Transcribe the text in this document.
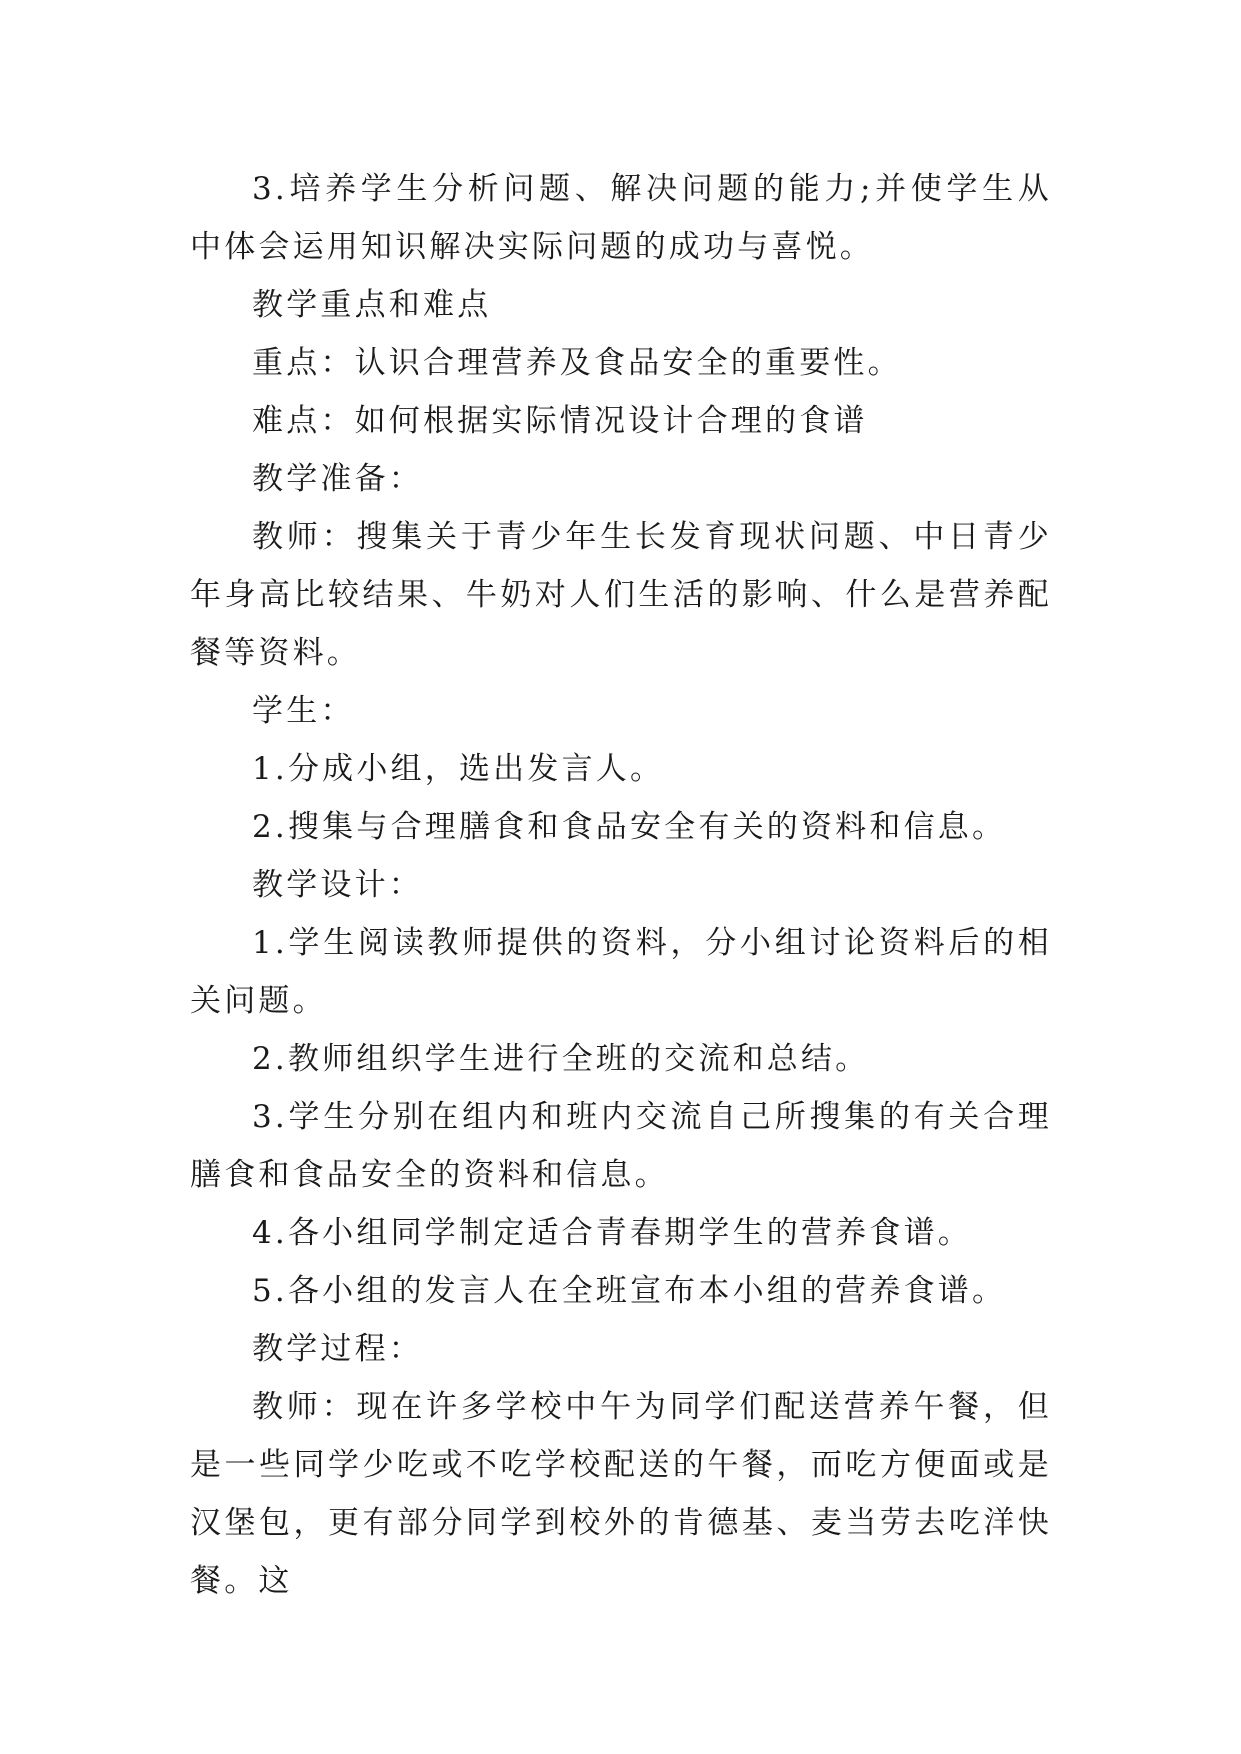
3.培养学生分析问题、解决问题的能力;并使学生从中体会运用知识解决实际问题的成功与喜悦。

教学重点和难点

重点：认识合理营养及食品安全的重要性。

难点：如何根据实际情况设计合理的食谱

教学准备：

教师：搜集关于青少年生长发育现状问题、中日青少年身高比较结果、牛奶对人们生活的影响、什么是营养配餐等资料。

学生：

1.分成小组，选出发言人。

2.搜集与合理膳食和食品安全有关的资料和信息。

教学设计：

1.学生阅读教师提供的资料，分小组讨论资料后的相关问题。

2.教师组织学生进行全班的交流和总结。

3.学生分别在组内和班内交流自己所搜集的有关合理膳食和食品安全的资料和信息。

4.各小组同学制定适合青春期学生的营养食谱。

5.各小组的发言人在全班宣布本小组的营养食谱。

教学过程：

教师：现在许多学校中午为同学们配送营养午餐，但是一些同学少吃或不吃学校配送的午餐，而吃方便面或是汉堡包，更有部分同学到校外的肯德基、麦当劳去吃洋快餐。这
